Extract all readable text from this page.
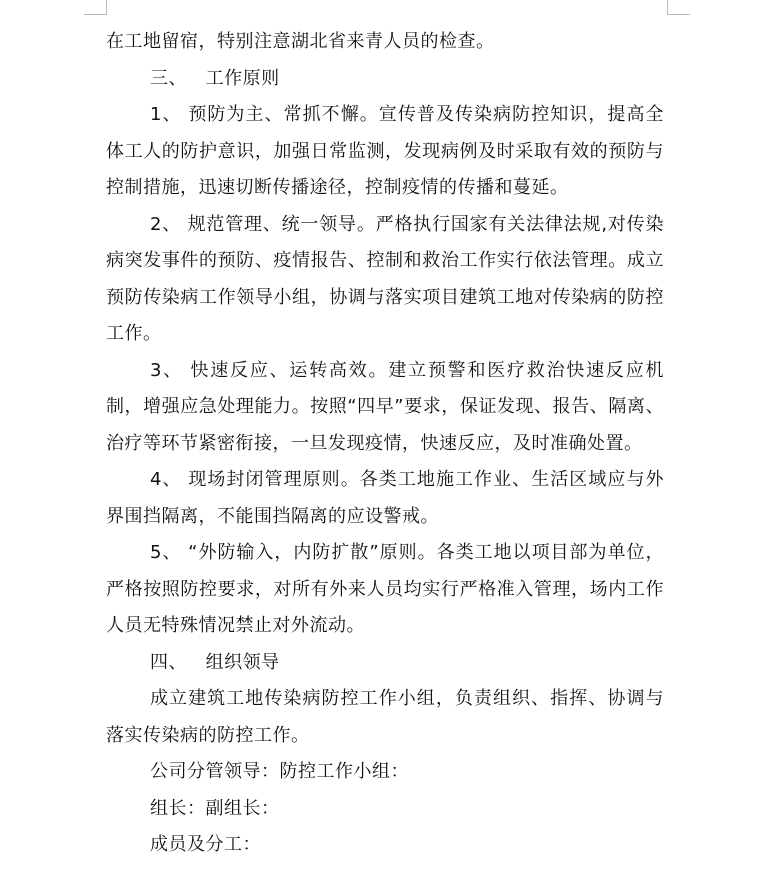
在工地留宿，特别注意湖北省来青人员的检查。

三、 工作原则

1、 预防为主、常抓不懈。宣传普及传染病防控知识，提高全体工人的防护意识，加强日常监测，发现病例及时采取有效的预防与控制措施，迅速切断传播途径，控制疫情的传播和蔓延。

2、 规范管理、统一领导。严格执行国家有关法律法规,对传染病突发事件的预防、疫情报告、控制和救治工作实行依法管理。成立预防传染病工作领导小组，协调与落实项目建筑工地对传染病的防控工作。

3、 快速反应、运转高效。建立预警和医疗救治快速反应机制，增强应急处理能力。按照“四早”要求，保证发现、报告、隔离、治疗等环节紧密衔接，一旦发现疫情，快速反应，及时准确处置。

4、 现场封闭管理原则。各类工地施工作业、生活区域应与外界围挡隔离，不能围挡隔离的应设警戒。

5、 “外防输入，内防扩散”原则。各类工地以项目部为单位，严格按照防控要求，对所有外来人员均实行严格准入管理，场内工作人员无特殊情况禁止对外流动。

四、 组织领导

成立建筑工地传染病防控工作小组，负责组织、指挥、协调与落实传染病的防控工作。

公司分管领导：防控工作小组：

组长：副组长：

成员及分工：
